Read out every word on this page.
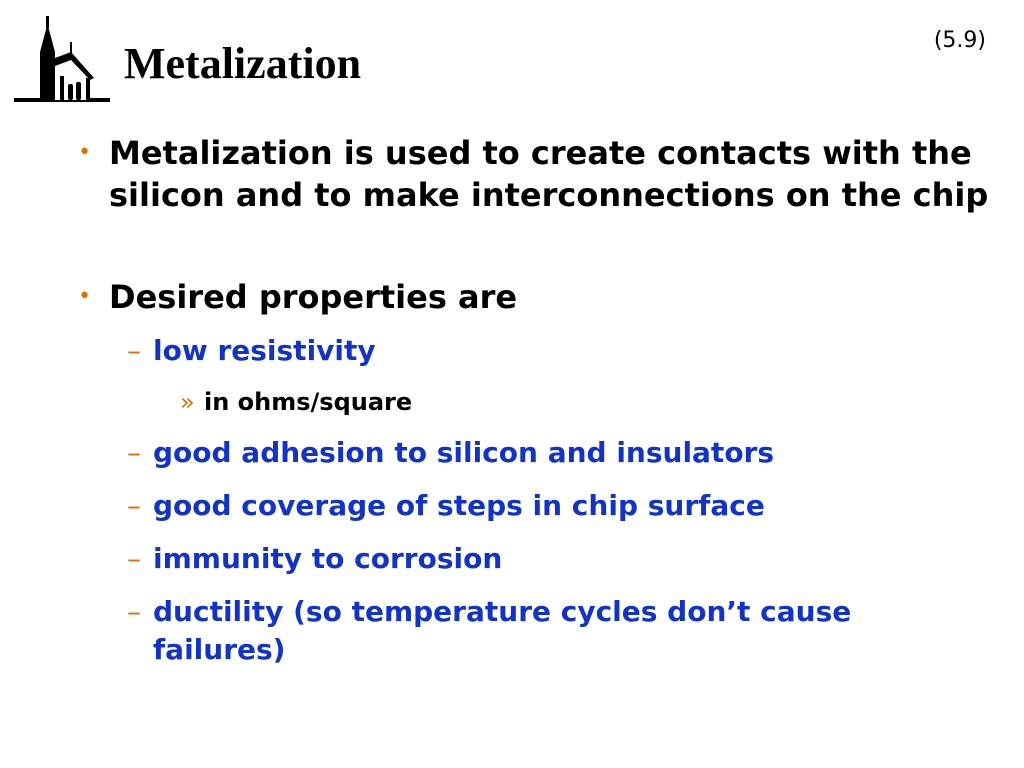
Metalization	(5.9)
• Metalization is used to create contacts with the silicon and to make interconnections on the chip
• Desired properties are
– low resistivity
» in ohms/square
– good adhesion to silicon and insulators
– good coverage of steps in chip surface
– immunity to corrosion
– ductility (so temperature cycles don’t cause failures)
